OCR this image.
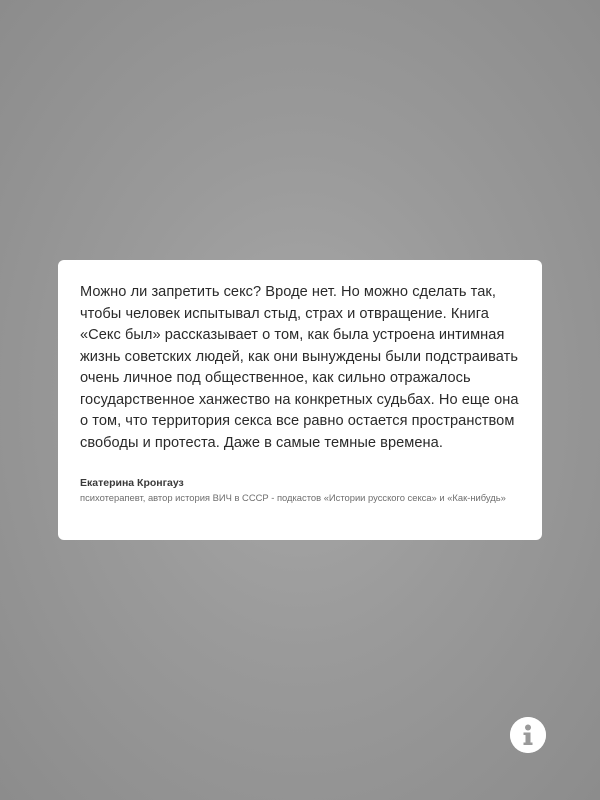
Можно ли запретить секс? Вроде нет. Но можно сделать так, чтобы человек испытывал стыд, страх и отвращение. Книга «Секс был» рассказывает о том, как была устроена интимная жизнь советских людей, как они вынуждены были подстраивать очень личное под общественное, как сильно отражалось государственное ханжество на конкретных судьбах. Но еще она о том, что территория секса все равно остается пространством свободы и протеста. Даже в самые темные времена.

Екатерина Кронгауз
психотерапевт, автор история ВИЧ в СССР - подкастов «Истории русского секса» и «Как-нибудь»
